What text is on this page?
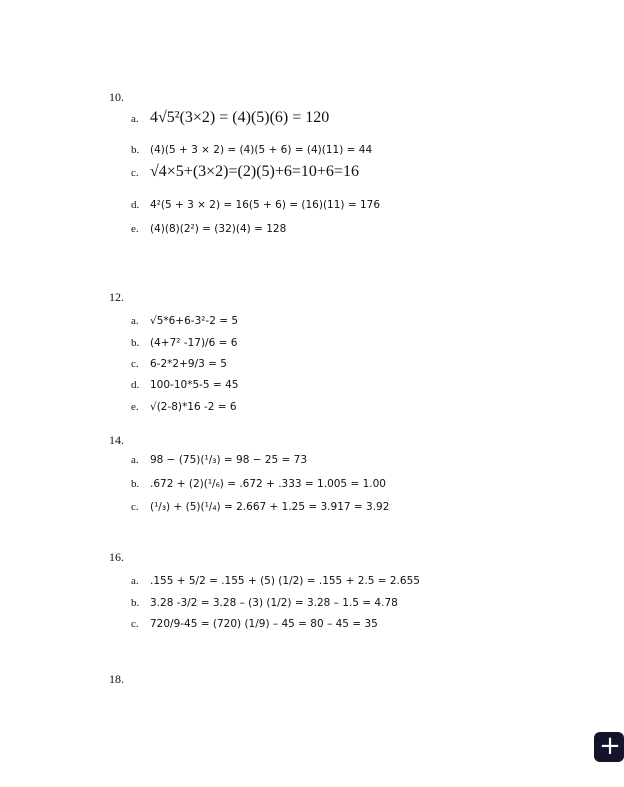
10.
a. 4√5²(3×2) = (4)(5)(6) = 120
b. (4)(5 + 3 × 2) = (4)(5 + 6) = (4)(11) = 44
c. √4×5+(3×2)=(2)(5)+6=10+6=16
d. 4²(5 + 3 × 2) = 16(5 + 6) = (16)(11) = 176
e. (4)(8)(2²) = (32)(4) = 128
12.
a. √5*6+6-3²-2 = 5
b. (4+7² -17)/6 = 6
c. 6-2*2+9/3 = 5
d. 100-10*5-5 = 45
e. √(2-8)*16 -2 = 6
14.
a. 98 − (75)(¹/₃) = 98 − 25 = 73
b. .672 + (2)(¹/₆) = .672 + .333 = 1.005 = 1.00
c. (¹/₃) + (5)(¹/₄) = 2.667 + 1.25 = 3.917 = 3.92
16.
a. .155 + 5/2 = .155 + (5) (1/2) = .155 + 2.5 = 2.655
b. 3.28 -3/2 = 3.28 – (3) (1/2) = 3.28 – 1.5 = 4.78
c. 720/9-45 = (720) (1/9) – 45 = 80 – 45 = 35
18.
+
